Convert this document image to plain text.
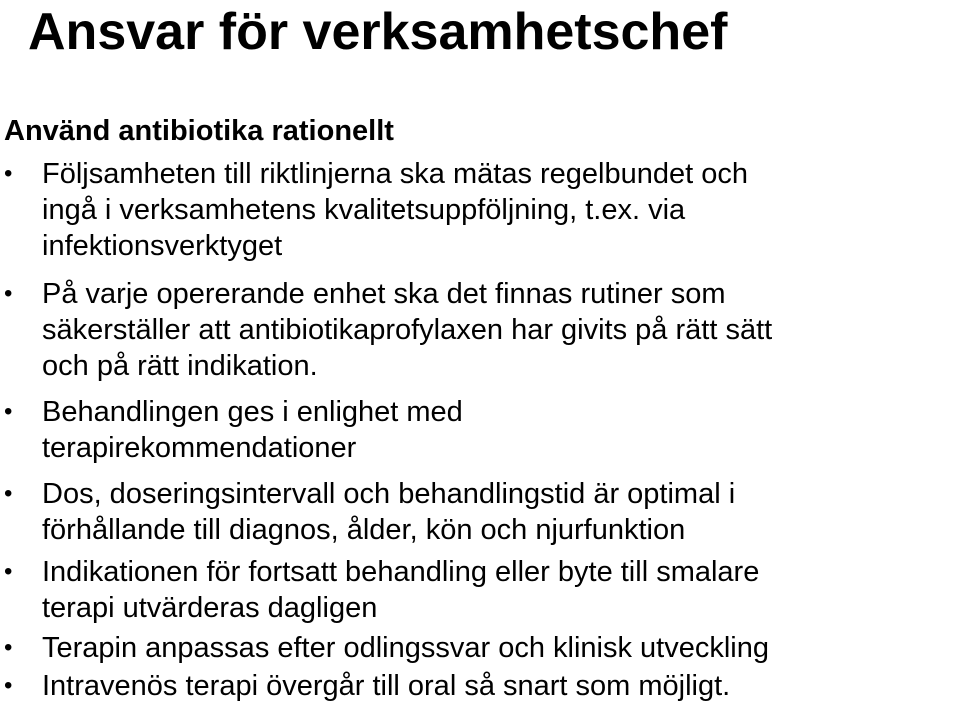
Ansvar för verksamhetschef
Använd antibiotika rationellt
•	Följsamheten till riktlinjerna ska mätas regelbundet och
ingå i verksamhetens kvalitetsuppföljning, t.ex. via
infektionsverktyget
•	På varje opererande enhet ska det finnas rutiner som
säkerställer att antibiotikaprofylaxen har givits på rätt sätt
och på rätt indikation.
•	Behandlingen ges i enlighet med
terapirekommendationer
•	Dos, doseringsintervall och behandlingstid är optimal i
förhållande till diagnos, ålder, kön och njurfunktion
•	Indikationen för fortsatt behandling eller byte till smalare
terapi utvärderas dagligen
•	Terapin anpassas efter odlingssvar och klinisk utveckling
•	Intravenös terapi övergår till oral så snart som möjligt.
